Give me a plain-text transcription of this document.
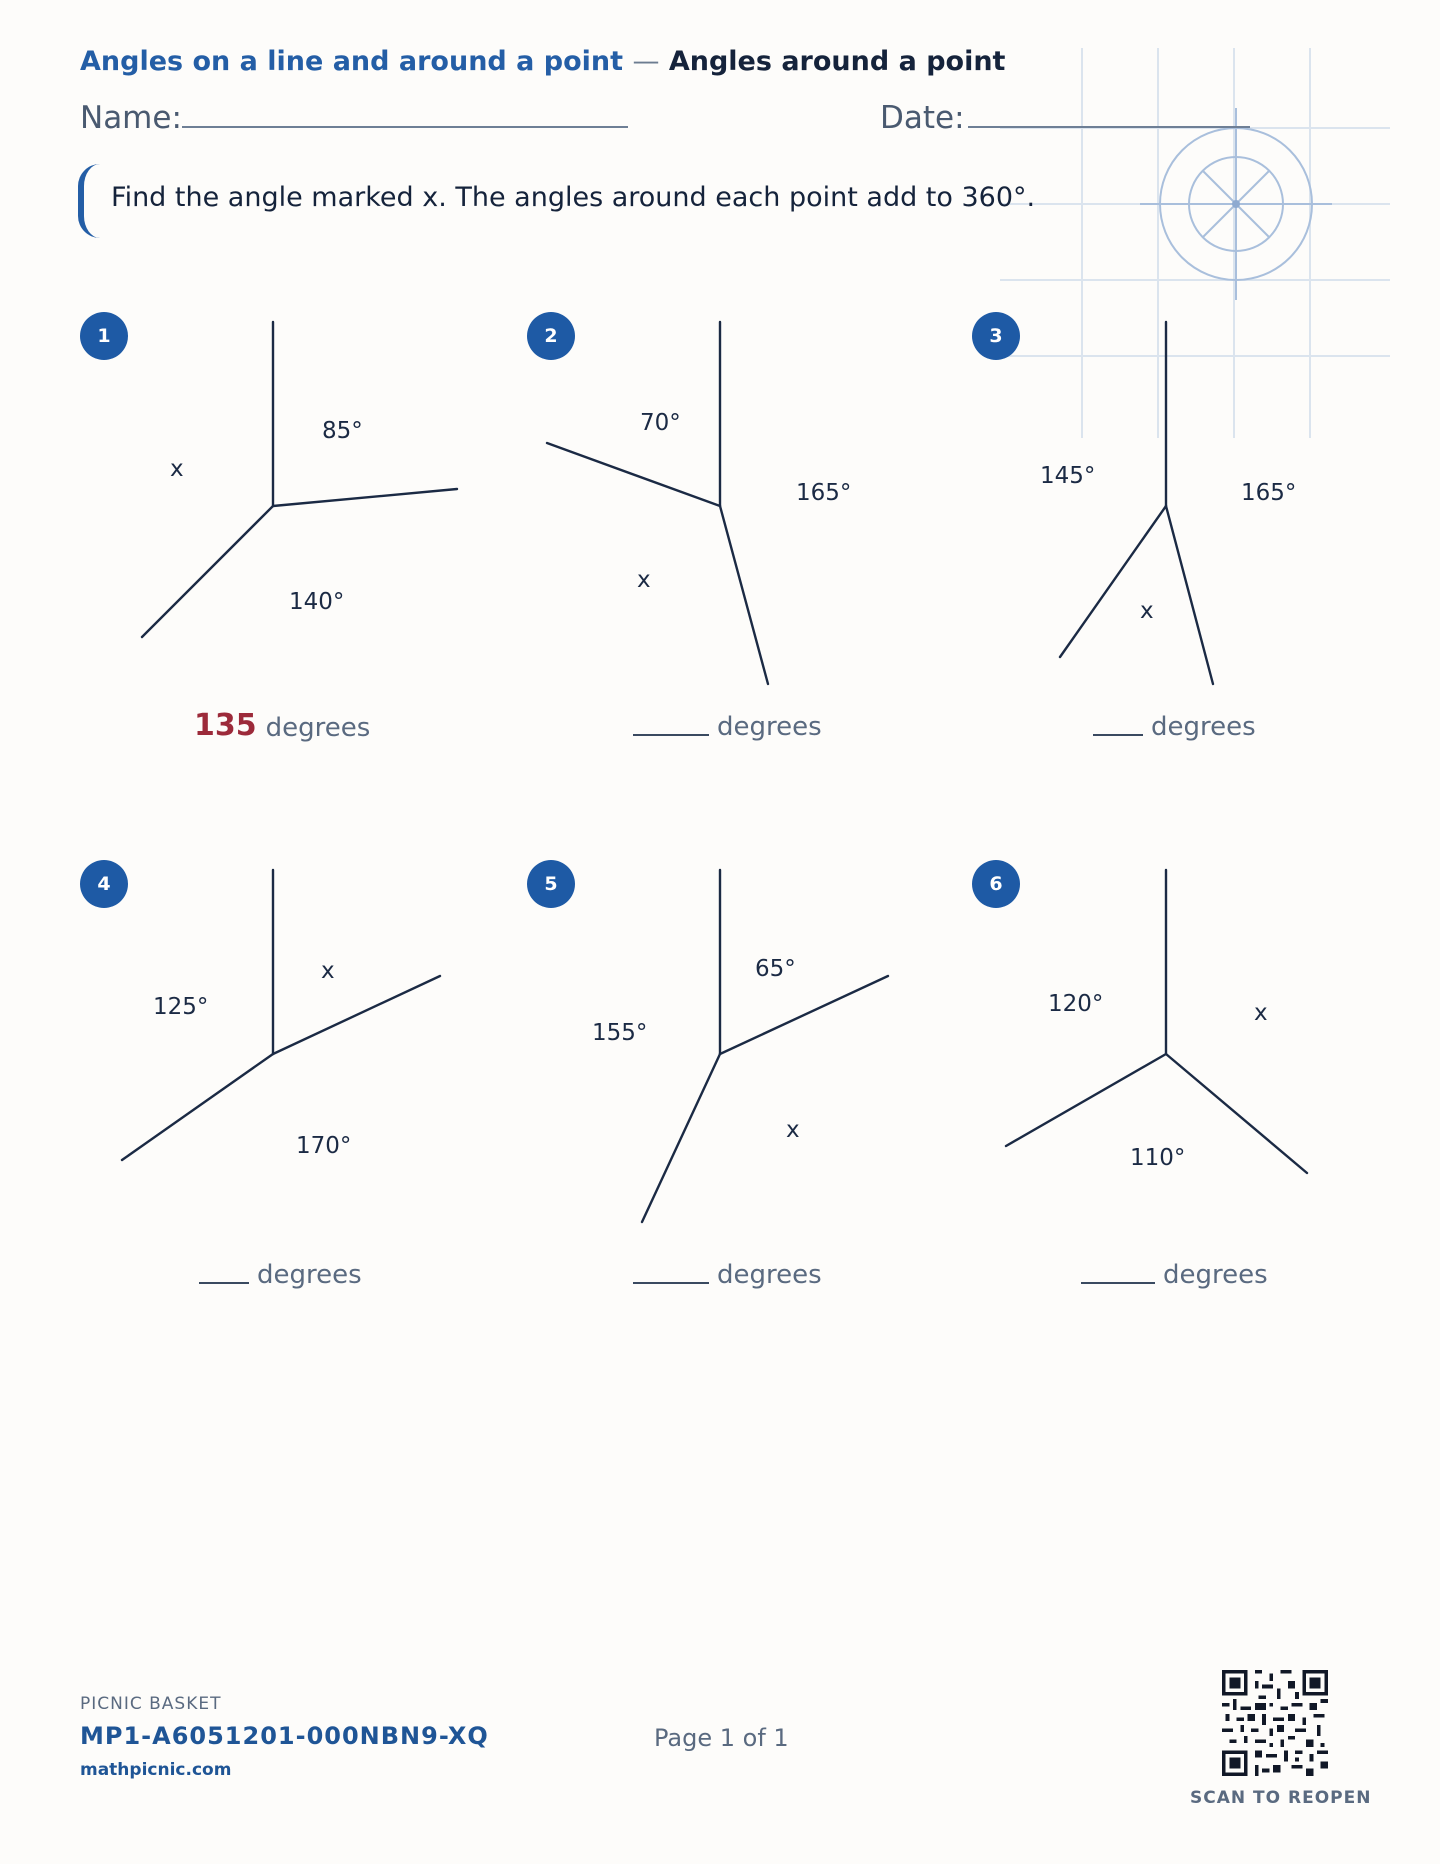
Angles on a line and around a point — Angles around a point
Name:	Date:
Find the angle marked x. The angles around each point add to 360°.
1	2	3
4	5	6
85°
x
140°
70°
165°
x
145°
165°
x
x
125°
170°
65°
155°
x
120°	x
110°
135 degrees	degrees	degrees
degrees	degrees	degrees
PICNIC BASKET
MP1-A6051201-000NBN9-XQ
mathpicnic.com
Page 1 of 1
SCAN TO REOPEN
